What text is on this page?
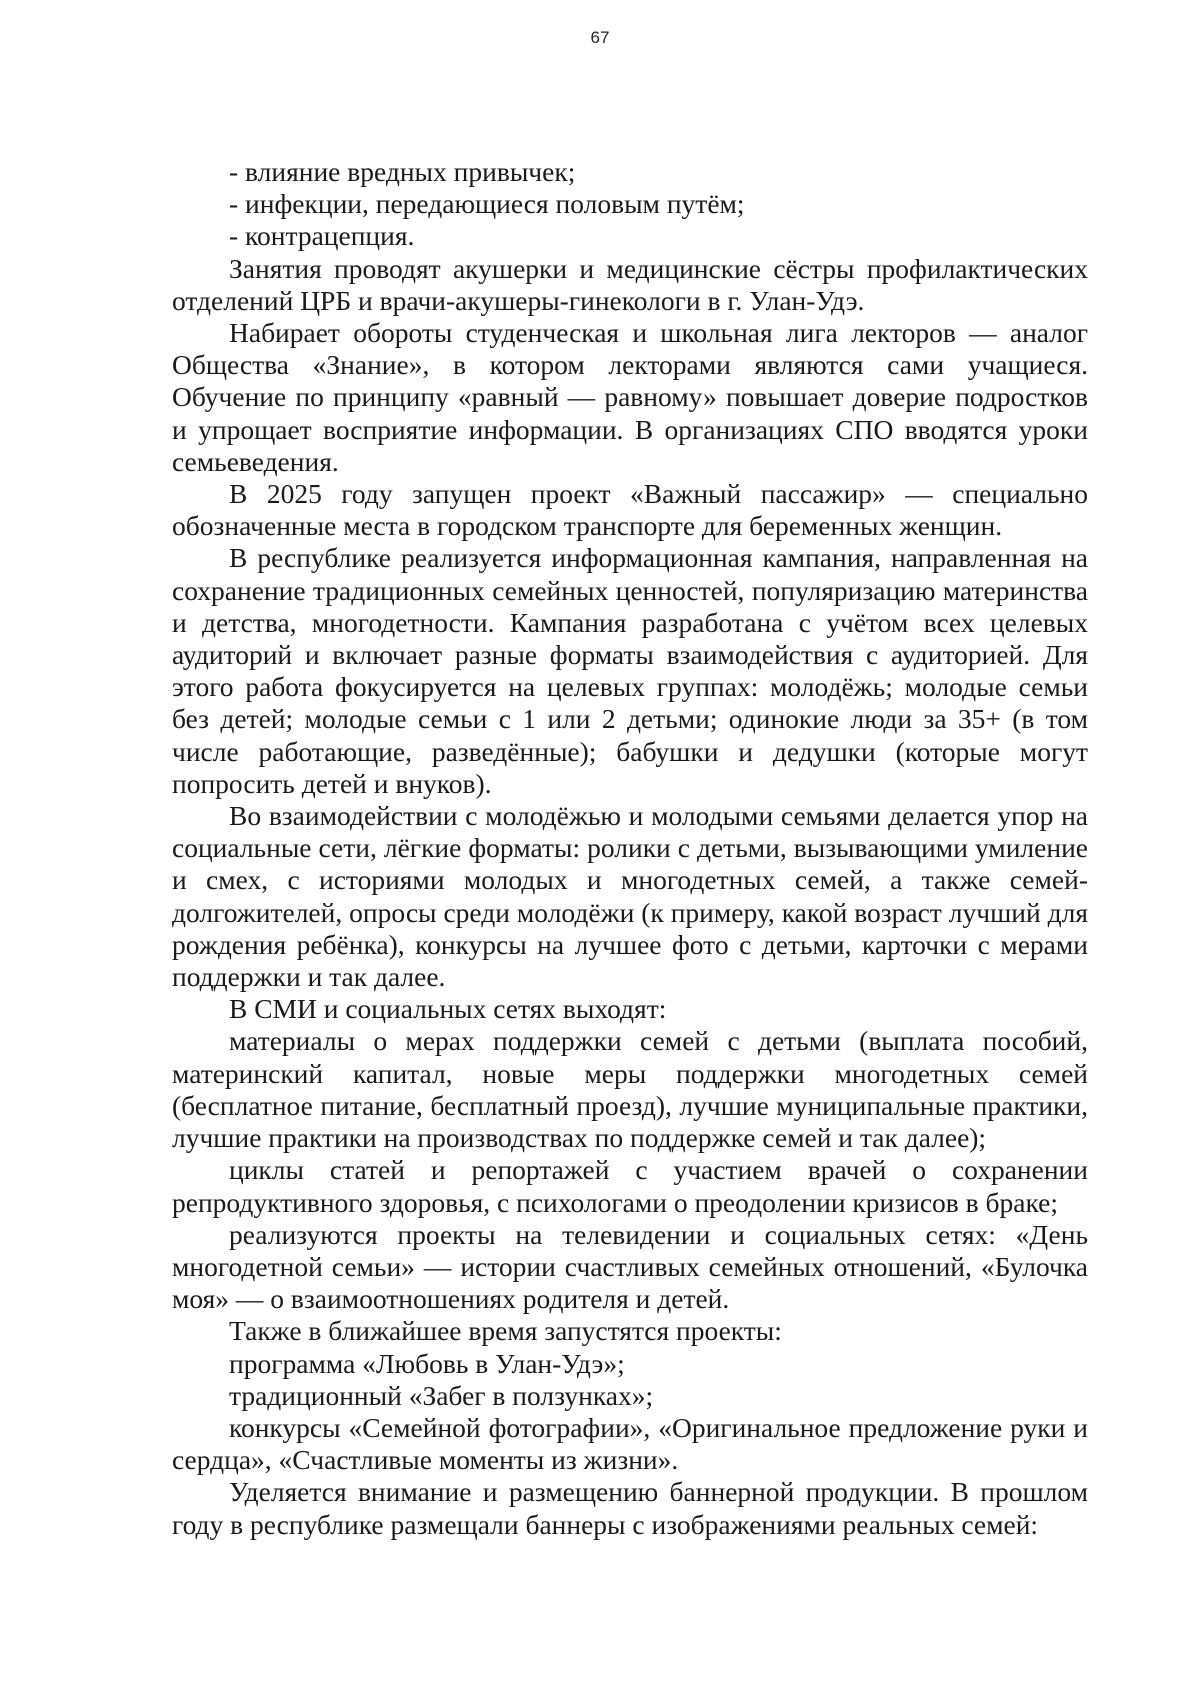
67

- влияние вредных привычек;

- инфекции, передающиеся половым путём;

- контрацепция.

Занятия проводят акушерки и медицинские сёстры профилактических отделений ЦРБ и врачи-акушеры-гинекологи в г. Улан-Удэ.

Набирает обороты студенческая и школьная лига лекторов — аналог Общества «Знание», в котором лекторами являются сами учащиеся. Обучение по принципу «равный — равному» повышает доверие подростков и упрощает восприятие информации. В организациях СПО вводятся уроки семьеведения.

В 2025 году запущен проект «Важный пассажир» — специально обозначенные места в городском транспорте для беременных женщин.

В республике реализуется информационная кампания, направленная на сохранение традиционных семейных ценностей, популяризацию материнства и детства, многодетности. Кампания разработана с учётом всех целевых аудиторий и включает разные форматы взаимодействия с аудиторией. Для этого работа фокусируется на целевых группах: молодёжь; молодые семьи без детей; молодые семьи с 1 или 2 детьми; одинокие люди за 35+ (в том числе работающие, разведённые); бабушки и дедушки (которые могут попросить детей и внуков).

Во взаимодействии с молодёжью и молодыми семьями делается упор на социальные сети, лёгкие форматы: ролики с детьми, вызывающими умиление и смех, с историями молодых и многодетных семей, а также семей-долгожителей, опросы среди молодёжи (к примеру, какой возраст лучший для рождения ребёнка), конкурсы на лучшее фото с детьми, карточки с мерами поддержки и так далее.

В СМИ и социальных сетях выходят:

материалы о мерах поддержки семей с детьми (выплата пособий, материнский капитал, новые меры поддержки многодетных семей (бесплатное питание, бесплатный проезд), лучшие муниципальные практики, лучшие практики на производствах по поддержке семей и так далее);

циклы статей и репортажей с участием врачей о сохранении репродуктивного здоровья, с психологами о преодолении кризисов в браке;

реализуются проекты на телевидении и социальных сетях: «День многодетной семьи» — истории счастливых семейных отношений, «Булочка моя» — о взаимоотношениях родителя и детей.

Также в ближайшее время запустятся проекты:

программа «Любовь в Улан-Удэ»;

традиционный «Забег в ползунках»;

конкурсы «Семейной фотографии», «Оригинальное предложение руки и сердца», «Счастливые моменты из жизни».

Уделяется внимание и размещению баннерной продукции. В прошлом году в республике размещали баннеры с изображениями реальных семей:
